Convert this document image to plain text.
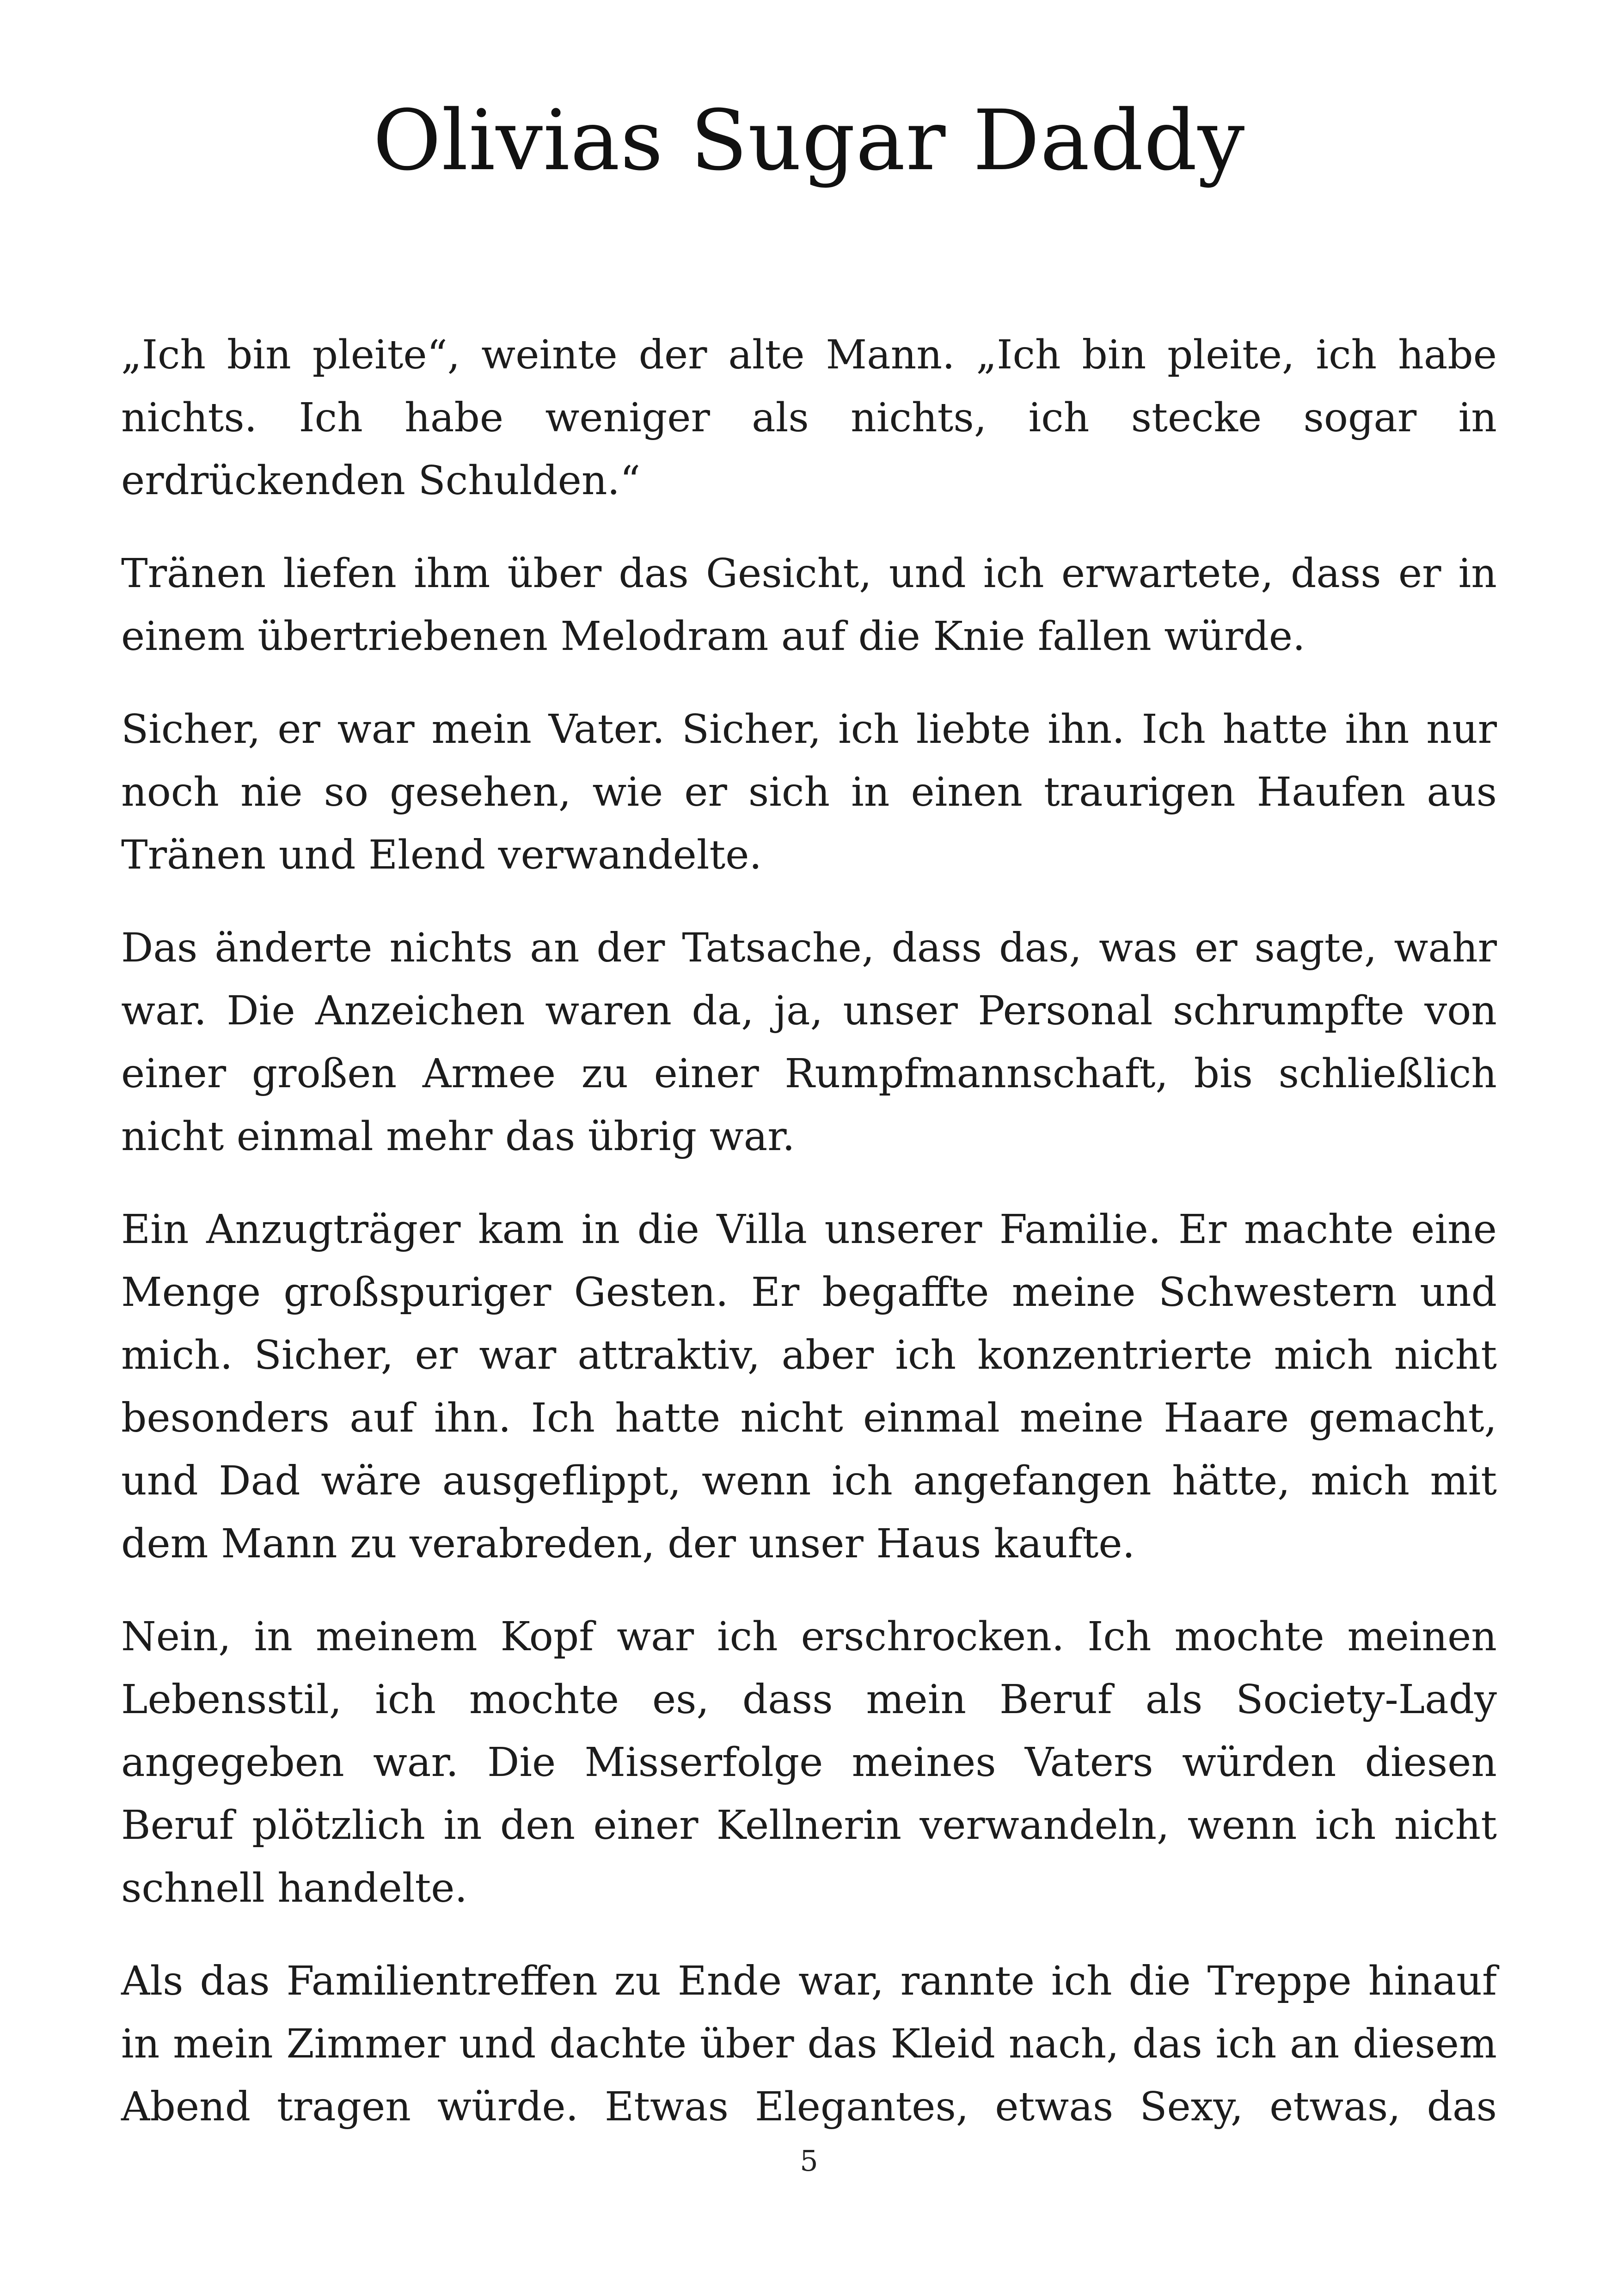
Olivias Sugar Daddy

„Ich bin pleite“, weinte der alte Mann. „Ich bin pleite, ich habe nichts. Ich habe weniger als nichts, ich stecke sogar in erdrückenden Schulden.“

Tränen liefen ihm über das Gesicht, und ich erwartete, dass er in einem übertriebenen Melodram auf die Knie fallen würde.

Sicher, er war mein Vater. Sicher, ich liebte ihn. Ich hatte ihn nur noch nie so gesehen, wie er sich in einen traurigen Haufen aus Tränen und Elend verwandelte.

Das änderte nichts an der Tatsache, dass das, was er sagte, wahr war. Die Anzeichen waren da, ja, unser Personal schrumpfte von einer großen Armee zu einer Rumpfmannschaft, bis schließlich nicht einmal mehr das übrig war.

Ein Anzugträger kam in die Villa unserer Familie. Er machte eine Menge großspuriger Gesten. Er begaffte meine Schwestern und mich. Sicher, er war attraktiv, aber ich konzentrierte mich nicht besonders auf ihn. Ich hatte nicht einmal meine Haare gemacht, und Dad wäre ausgeflippt, wenn ich angefangen hätte, mich mit dem Mann zu verabreden, der unser Haus kaufte.

Nein, in meinem Kopf war ich erschrocken. Ich mochte meinen Lebensstil, ich mochte es, dass mein Beruf als Society-Lady angegeben war. Die Misserfolge meines Vaters würden diesen Beruf plötzlich in den einer Kellnerin verwandeln, wenn ich nicht schnell handelte.

Als das Familientreffen zu Ende war, rannte ich die Treppe hinauf in mein Zimmer und dachte über das Kleid nach, das ich an diesem Abend tragen würde. Etwas Elegantes, etwas Sexy, etwas, das

5
